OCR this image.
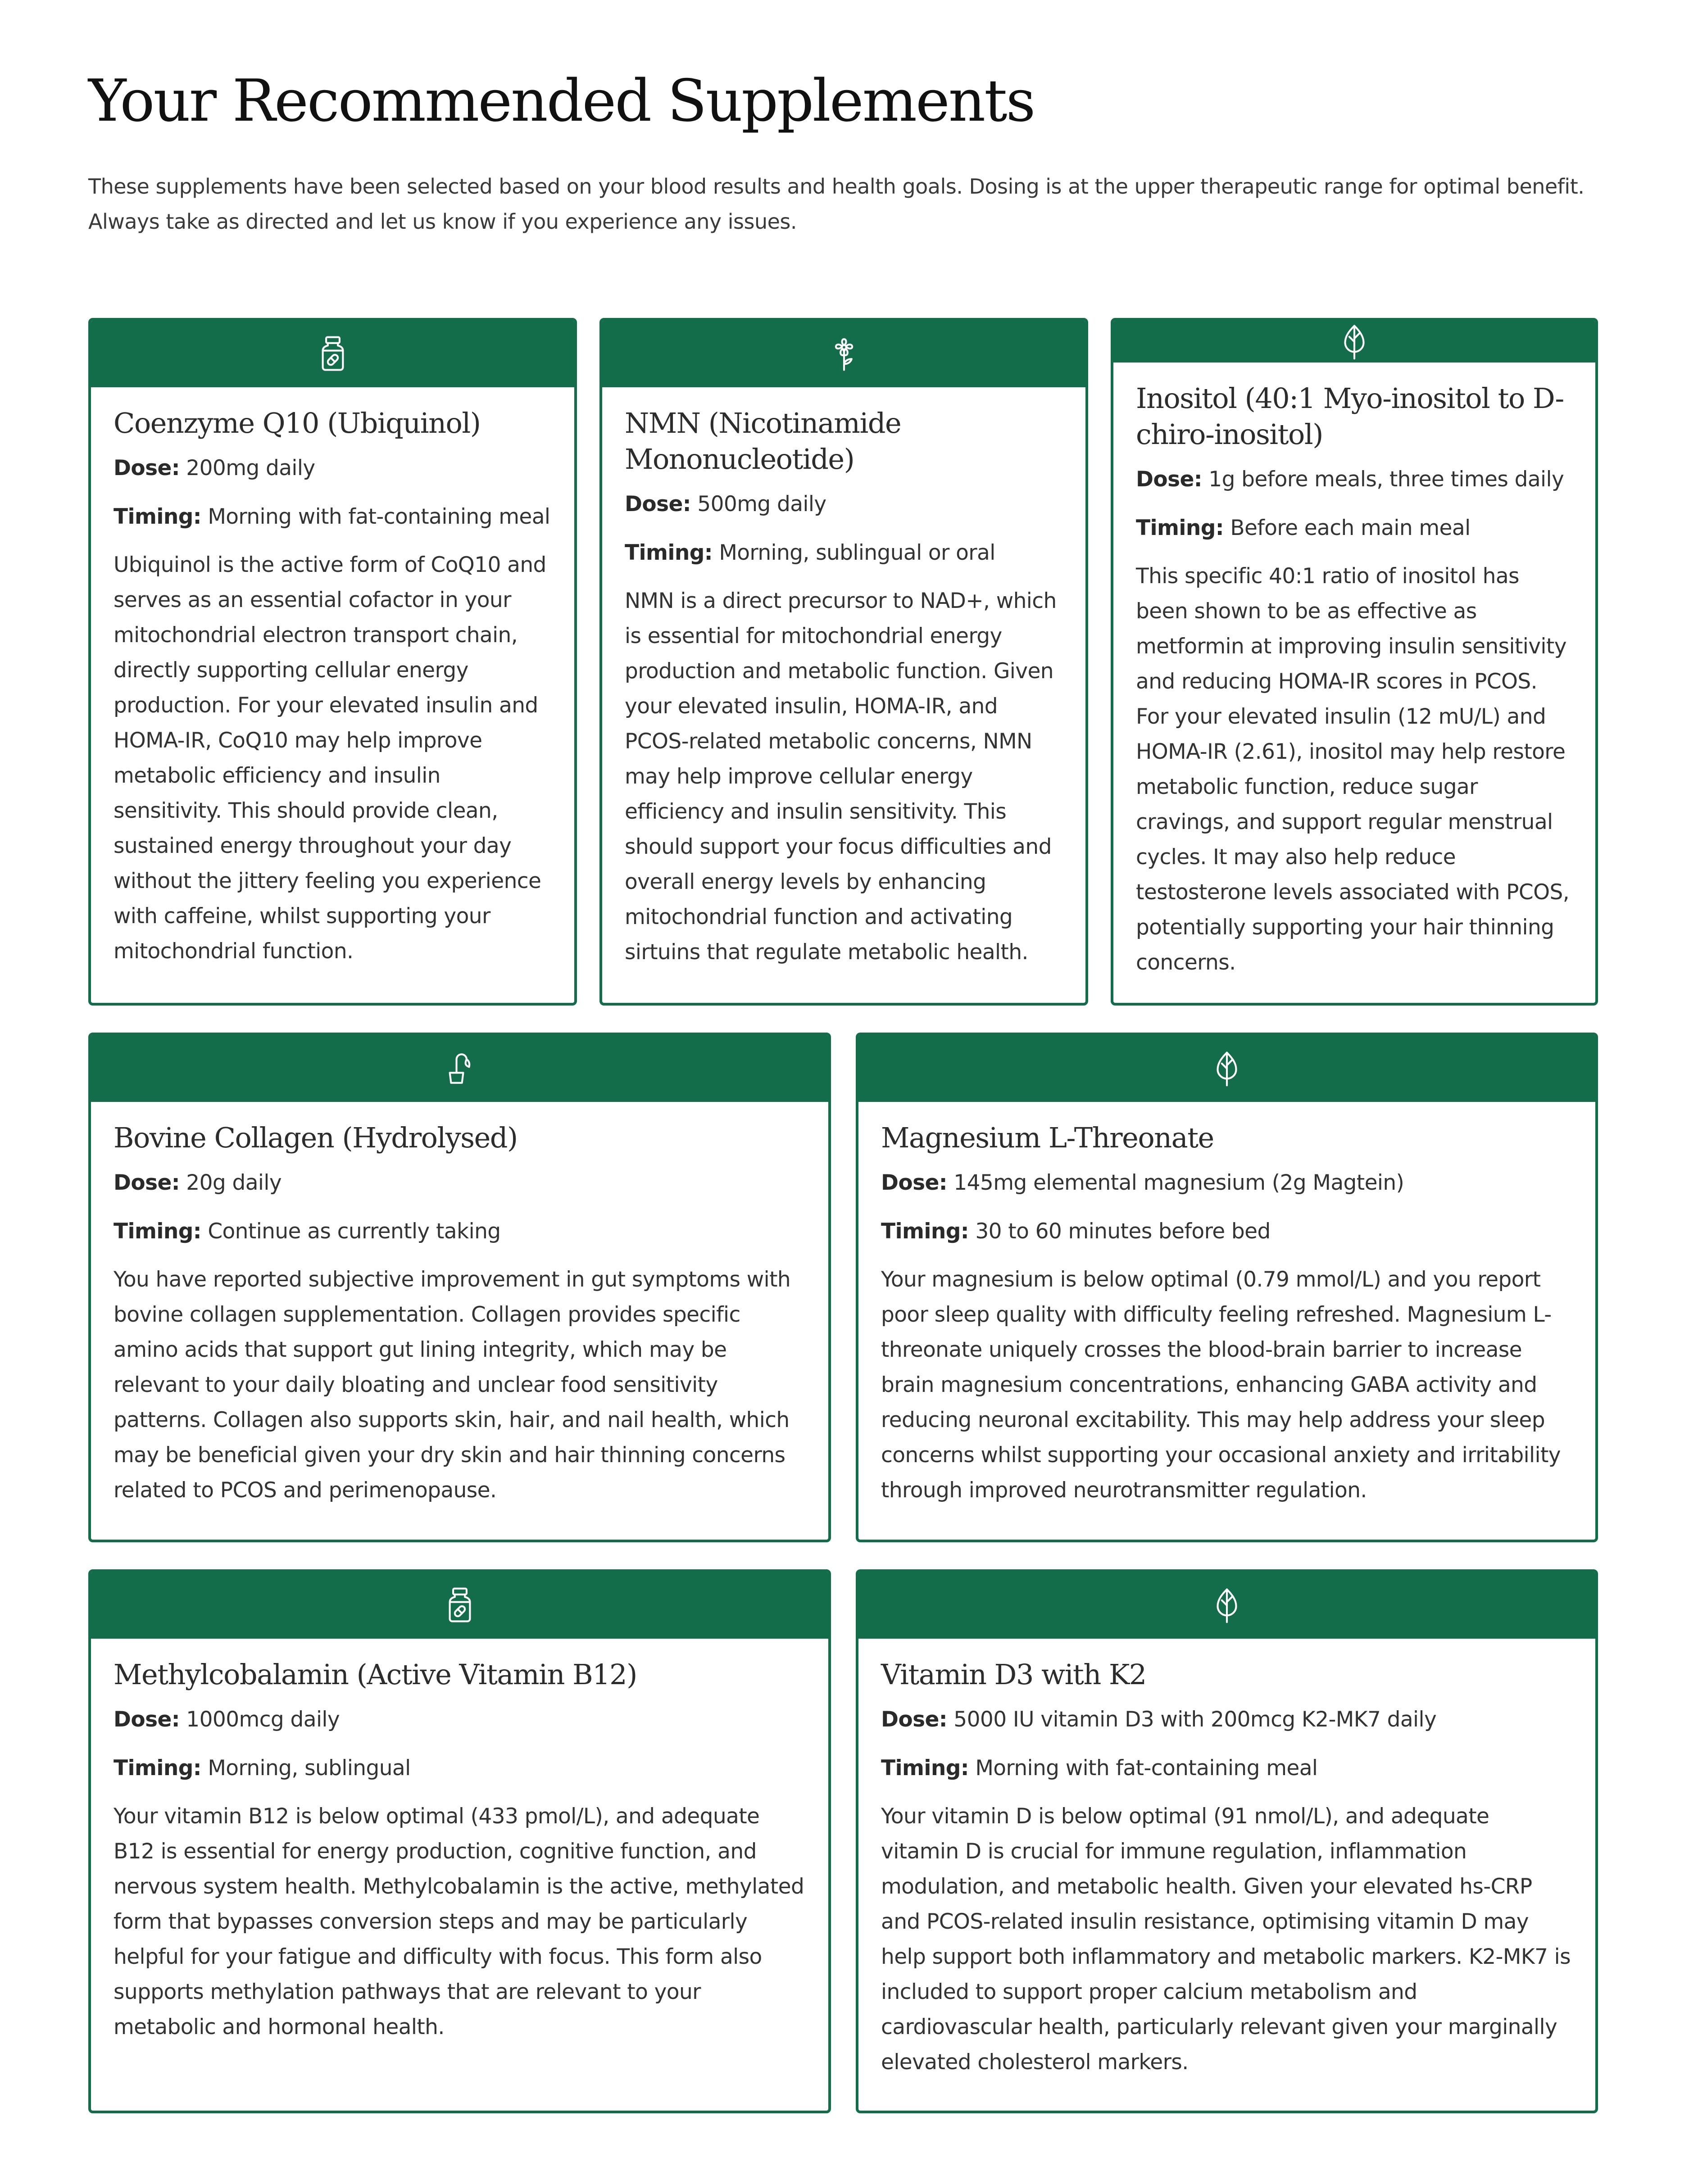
Your Recommended Supplements

These supplements have been selected based on your blood results and health goals. Dosing is at the upper therapeutic range for optimal benefit. Always take as directed and let us know if you experience any issues.

Coenzyme Q10 (Ubiquinol)

Dose: 200mg daily

Timing: Morning with fat-containing meal

Ubiquinol is the active form of CoQ10 and serves as an essential cofactor in your mitochondrial electron transport chain, directly supporting cellular energy production. For your elevated insulin and HOMA-IR, CoQ10 may help improve metabolic efficiency and insulin sensitivity. This should provide clean, sustained energy throughout your day without the jittery feeling you experience with caffeine, whilst supporting your mitochondrial function.

NMN (Nicotinamide Mononucleotide)

Dose: 500mg daily

Timing: Morning, sublingual or oral

NMN is a direct precursor to NAD+, which is essential for mitochondrial energy production and metabolic function. Given your elevated insulin, HOMA-IR, and PCOS-related metabolic concerns, NMN may help improve cellular energy efficiency and insulin sensitivity. This should support your focus difficulties and overall energy levels by enhancing mitochondrial function and activating sirtuins that regulate metabolic health.

Inositol (40:1 Myo-inositol to D-chiro-inositol)

Dose: 1g before meals, three times daily

Timing: Before each main meal

This specific 40:1 ratio of inositol has been shown to be as effective as metformin at improving insulin sensitivity and reducing HOMA-IR scores in PCOS. For your elevated insulin (12 mU/L) and HOMA-IR (2.61), inositol may help restore metabolic function, reduce sugar cravings, and support regular menstrual cycles. It may also help reduce testosterone levels associated with PCOS, potentially supporting your hair thinning concerns.

Bovine Collagen (Hydrolysed)

Dose: 20g daily

Timing: Continue as currently taking

You have reported subjective improvement in gut symptoms with bovine collagen supplementation. Collagen provides specific amino acids that support gut lining integrity, which may be relevant to your daily bloating and unclear food sensitivity patterns. Collagen also supports skin, hair, and nail health, which may be beneficial given your dry skin and hair thinning concerns related to PCOS and perimenopause.

Magnesium L-Threonate

Dose: 145mg elemental magnesium (2g Magtein)

Timing: 30 to 60 minutes before bed

Your magnesium is below optimal (0.79 mmol/L) and you report poor sleep quality with difficulty feeling refreshed. Magnesium L-threonate uniquely crosses the blood-brain barrier to increase brain magnesium concentrations, enhancing GABA activity and reducing neuronal excitability. This may help address your sleep concerns whilst supporting your occasional anxiety and irritability through improved neurotransmitter regulation.

Methylcobalamin (Active Vitamin B12)

Dose: 1000mcg daily

Timing: Morning, sublingual

Your vitamin B12 is below optimal (433 pmol/L), and adequate B12 is essential for energy production, cognitive function, and nervous system health. Methylcobalamin is the active, methylated form that bypasses conversion steps and may be particularly helpful for your fatigue and difficulty with focus. This form also supports methylation pathways that are relevant to your metabolic and hormonal health.

Vitamin D3 with K2

Dose: 5000 IU vitamin D3 with 200mcg K2-MK7 daily

Timing: Morning with fat-containing meal

Your vitamin D is below optimal (91 nmol/L), and adequate vitamin D is crucial for immune regulation, inflammation modulation, and metabolic health. Given your elevated hs-CRP and PCOS-related insulin resistance, optimising vitamin D may help support both inflammatory and metabolic markers. K2-MK7 is included to support proper calcium metabolism and cardiovascular health, particularly relevant given your marginally elevated cholesterol markers.
